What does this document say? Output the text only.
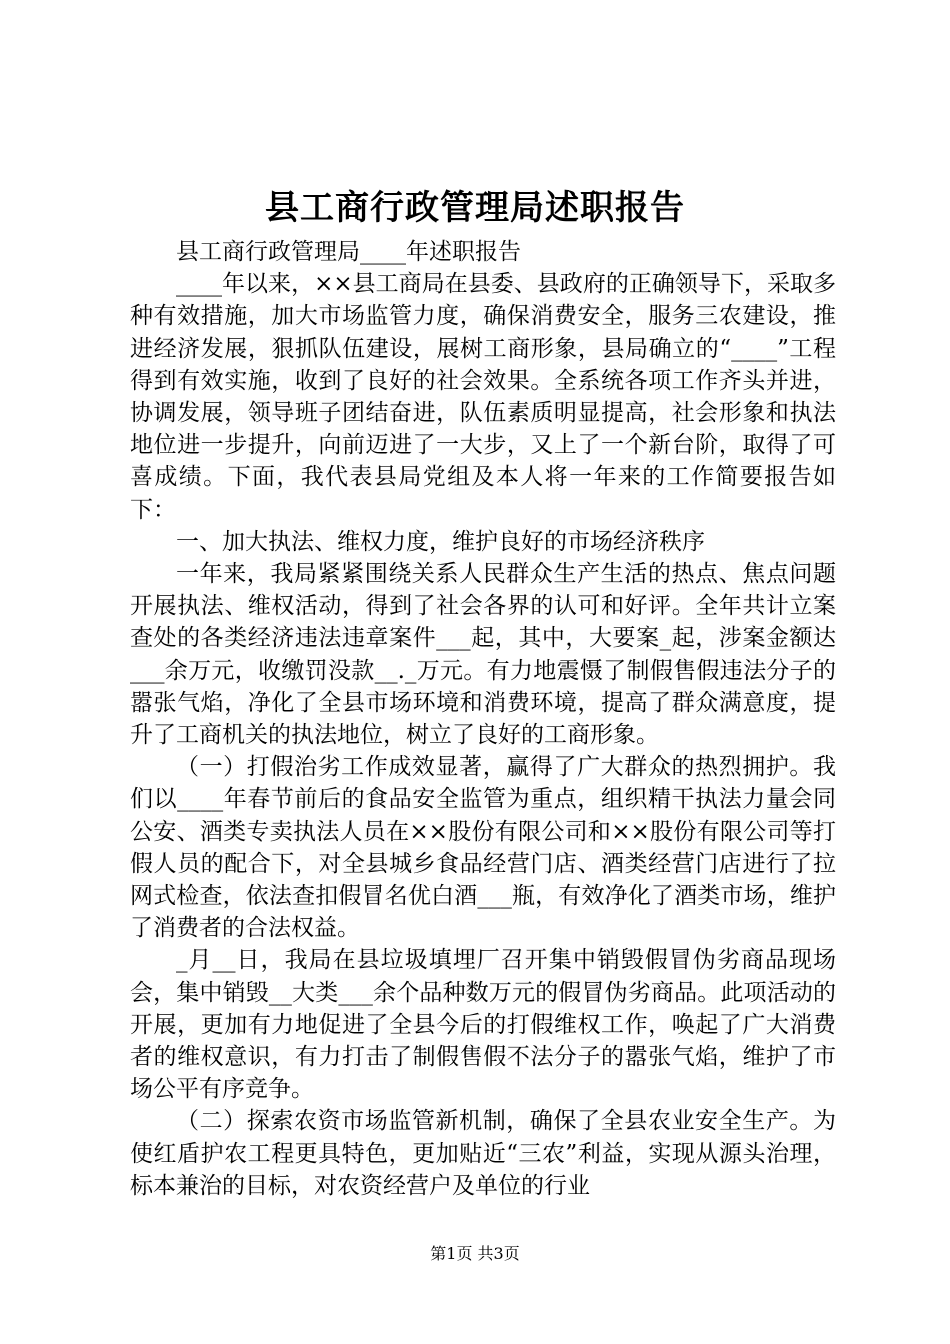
县工商行政管理局述职报告

县工商行政管理局____年述职报告

____年以来，××县工商局在县委、县政府的正确领导下，采取多种有效措施，加大市场监管力度，确保消费安全，服务三农建设，推进经济发展，狠抓队伍建设，展树工商形象，县局确立的“____”工程得到有效实施，收到了良好的社会效果。全系统各项工作齐头并进，协调发展，领导班子团结奋进，队伍素质明显提高，社会形象和执法地位进一步提升，向前迈进了一大步，又上了一个新台阶，取得了可喜成绩。下面，我代表县局党组及本人将一年来的工作简要报告如下：

一、加大执法、维权力度，维护良好的市场经济秩序

一年来，我局紧紧围绕关系人民群众生产生活的热点、焦点问题开展执法、维权活动，得到了社会各界的认可和好评。全年共计立案查处的各类经济违法违章案件___起，其中，大要案_起，涉案金额达___余万元，收缴罚没款__._万元。有力地震慑了制假售假违法分子的嚣张气焰，净化了全县市场环境和消费环境，提高了群众满意度，提升了工商机关的执法地位，树立了良好的工商形象。

（一）打假治劣工作成效显著，赢得了广大群众的热烈拥护。我们以____年春节前后的食品安全监管为重点，组织精干执法力量会同公安、酒类专卖执法人员在××股份有限公司和××股份有限公司等打假人员的配合下，对全县城乡食品经营门店、酒类经营门店进行了拉网式检查，依法查扣假冒名优白酒___瓶，有效净化了酒类市场，维护了消费者的合法权益。

_月__日，我局在县垃圾填埋厂召开集中销毁假冒伪劣商品现场会，集中销毁__大类___余个品种数万元的假冒伪劣商品。此项活动的开展，更加有力地促进了全县今后的打假维权工作，唤起了广大消费者的维权意识，有力打击了制假售假不法分子的嚣张气焰，维护了市场公平有序竞争。

（二）探索农资市场监管新机制，确保了全县农业安全生产。为使红盾护农工程更具特色，更加贴近“三农”利益，实现从源头治理，标本兼治的目标，对农资经营户及单位的行业

第1页 共3页
